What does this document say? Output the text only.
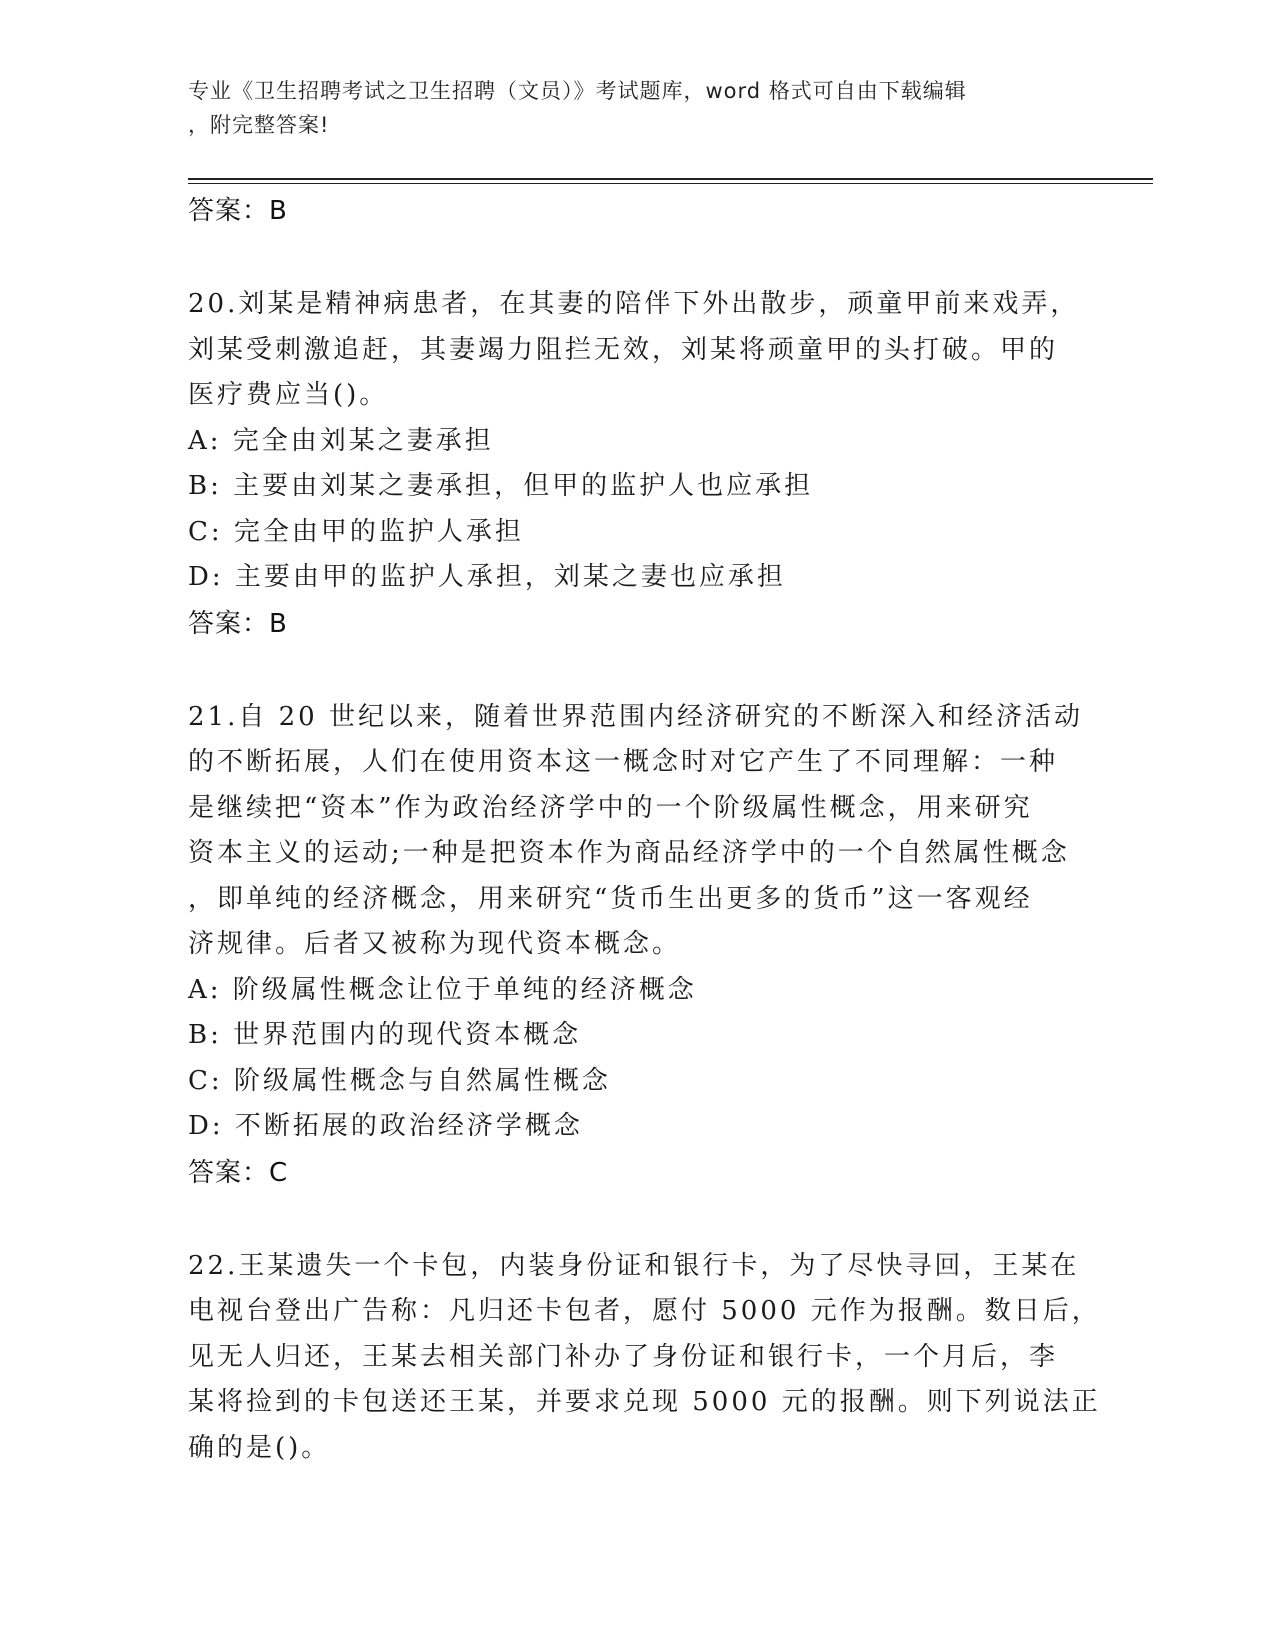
专业《卫生招聘考试之卫生招聘（文员）》考试题库，word 格式可自由下载编辑
，附完整答案!
答案：B
20.刘某是精神病患者，在其妻的陪伴下外出散步，顽童甲前来戏弄，
刘某受刺激追赶，其妻竭力阻拦无效，刘某将顽童甲的头打破。甲的
医疗费应当()。
A: 完全由刘某之妻承担
B: 主要由刘某之妻承担，但甲的监护人也应承担
C: 完全由甲的监护人承担
D: 主要由甲的监护人承担，刘某之妻也应承担
答案：B
21.自 20 世纪以来，随着世界范围内经济研究的不断深入和经济活动
的不断拓展，人们在使用资本这一概念时对它产生了不同理解：一种
是继续把“资本”作为政治经济学中的一个阶级属性概念，用来研究
资本主义的运动;一种是把资本作为商品经济学中的一个自然属性概念
，即单纯的经济概念，用来研究“货币生出更多的货币”这一客观经
济规律。后者又被称为现代资本概念。
A: 阶级属性概念让位于单纯的经济概念
B: 世界范围内的现代资本概念
C: 阶级属性概念与自然属性概念
D: 不断拓展的政治经济学概念
答案：C
22.王某遗失一个卡包，内装身份证和银行卡，为了尽快寻回，王某在
电视台登出广告称：凡归还卡包者，愿付 5000 元作为报酬。数日后，
见无人归还，王某去相关部门补办了身份证和银行卡，一个月后，李
某将捡到的卡包送还王某，并要求兑现 5000 元的报酬。则下列说法正
确的是()。
